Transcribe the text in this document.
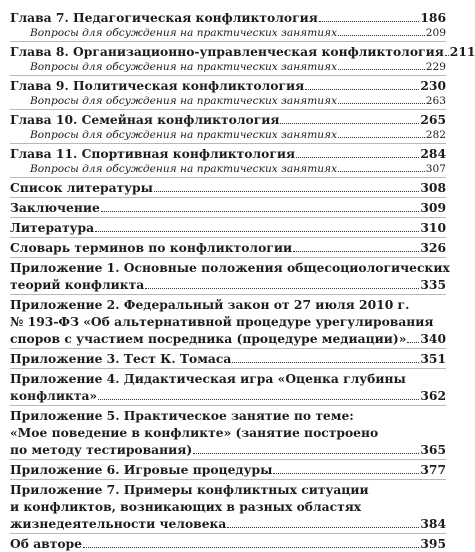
Глава 7. Педагогическая конфликтология	186
Вопросы для обсуждения на практических занятиях	209
Глава 8. Организационно-управленческая конфликтология 211
Вопросы для обсуждения на практических занятиях	229
Глава 9. Политическая конфликтология	230
Вопросы для обсуждения на практических занятиях	263
Глава 10. Семейная конфликтология	265
Вопросы для обсуждения на практических занятиях	282
Глава 11. Спортивная конфликтология	284
Вопросы для обсуждения на практических занятиях	307
Список литературы	308
Заключение	309
Литература	310
Словарь терминов по конфликтологии	326
Приложение 1. Основные положения общесоциологических
теорий конфликта	335
Приложение 2. Федеральный закон от 27 июля 2010 г.
№ 193-ФЗ «Об альтернативной процедуре урегулирования
споров с участием посредника (процедуре медиации)» 340
Приложение 3. Тест К. Томаса	351
Приложение 4. Дидактическая игра «Оценка глубины
конфликта»	362
Приложение 5. Практическое занятие по теме:
«Мое поведение в конфликте» (занятие построено
по методу тестирования)	365
Приложение 6. Игровые процедуры	377
Приложение 7. Примеры конфликтных ситуации
и конфликтов, возникающих в разных областях
жизнедеятельности человека	384
Об авторе	395
